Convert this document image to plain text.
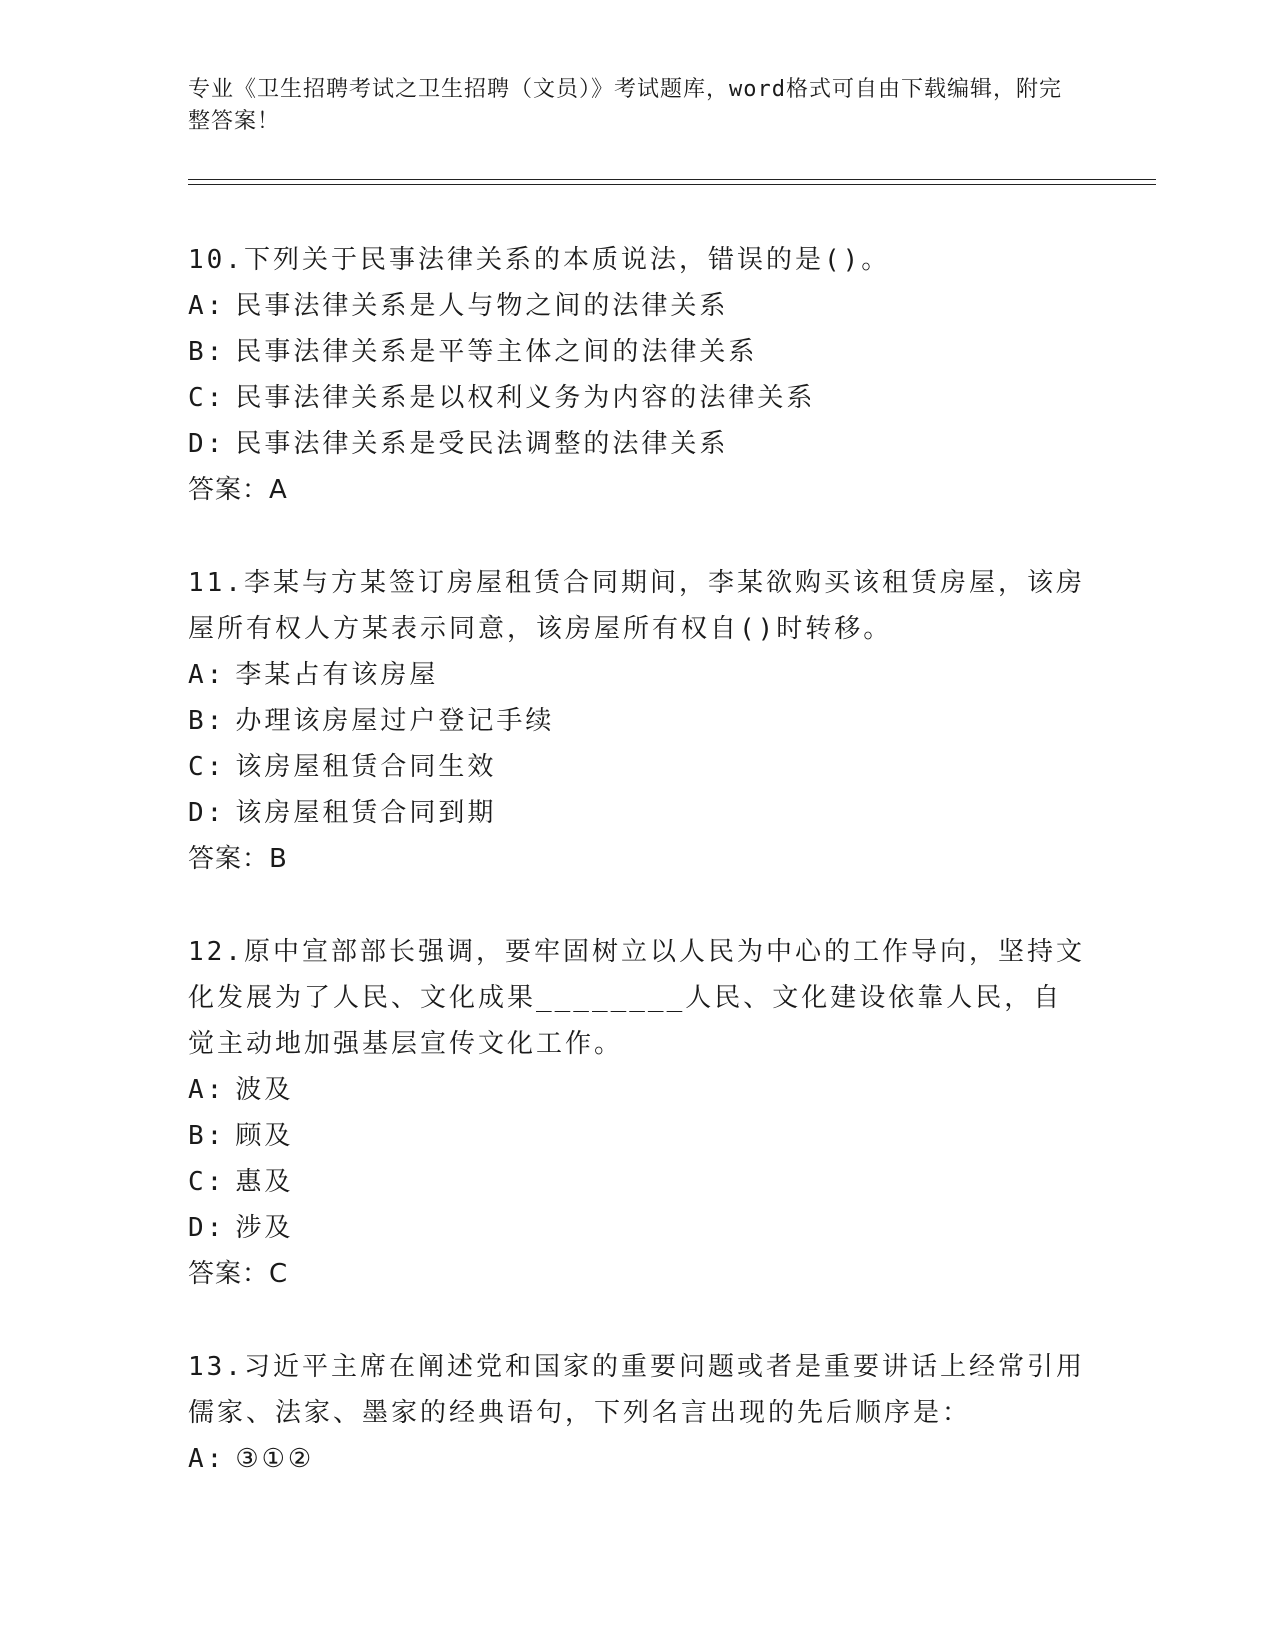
专业《卫生招聘考试之卫生招聘（文员）》考试题库，word格式可自由下载编辑，附完整答案！

10.下列关于民事法律关系的本质说法，错误的是()。

A: 民事法律关系是人与物之间的法律关系

B: 民事法律关系是平等主体之间的法律关系

C: 民事法律关系是以权利义务为内容的法律关系

D: 民事法律关系是受民法调整的法律关系

答案：A

11.李某与方某签订房屋租赁合同期间，李某欲购买该租赁房屋，该房屋所有权人方某表示同意，该房屋所有权自()时转移。

A: 李某占有该房屋

B: 办理该房屋过户登记手续

C: 该房屋租赁合同生效

D: 该房屋租赁合同到期

答案：B

12.原中宣部部长强调，要牢固树立以人民为中心的工作导向，坚持文化发展为了人民、文化成果________人民、文化建设依靠人民，自觉主动地加强基层宣传文化工作。

A: 波及

B: 顾及

C: 惠及

D: 涉及

答案：C

13.习近平主席在阐述党和国家的重要问题或者是重要讲话上经常引用儒家、法家、墨家的经典语句，下列名言出现的先后顺序是：

A: ③①②
